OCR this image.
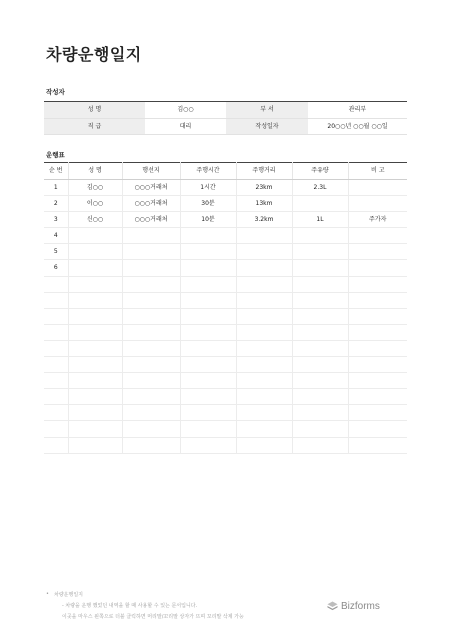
차량운행일지
작성자
성 명	김○○	부 서	관리부
직 급	대리	작성일자	20○○년 ○○월 ○○일
운행표
순 번	성 명	행선지	주행시간	주행거리	주유량	비 고
1	김○○	○○○거래처	1시간	23km	2.3L	
2	이○○	○○○거래처	30분	13km		
3	신○○	○○○거래처	10분	3.2km	1L	주가자
4						
5						
6						

• 차량운행일지
- 차량을 운행 했었던 내역을 할 때 사용할 수 있는 문서입니다.
이곳을 마우스 왼쪽으로 더블 클릭하면 머리말/꼬리말 상자가 뜨며 꼬리말 삭제 가능
Bizforms
